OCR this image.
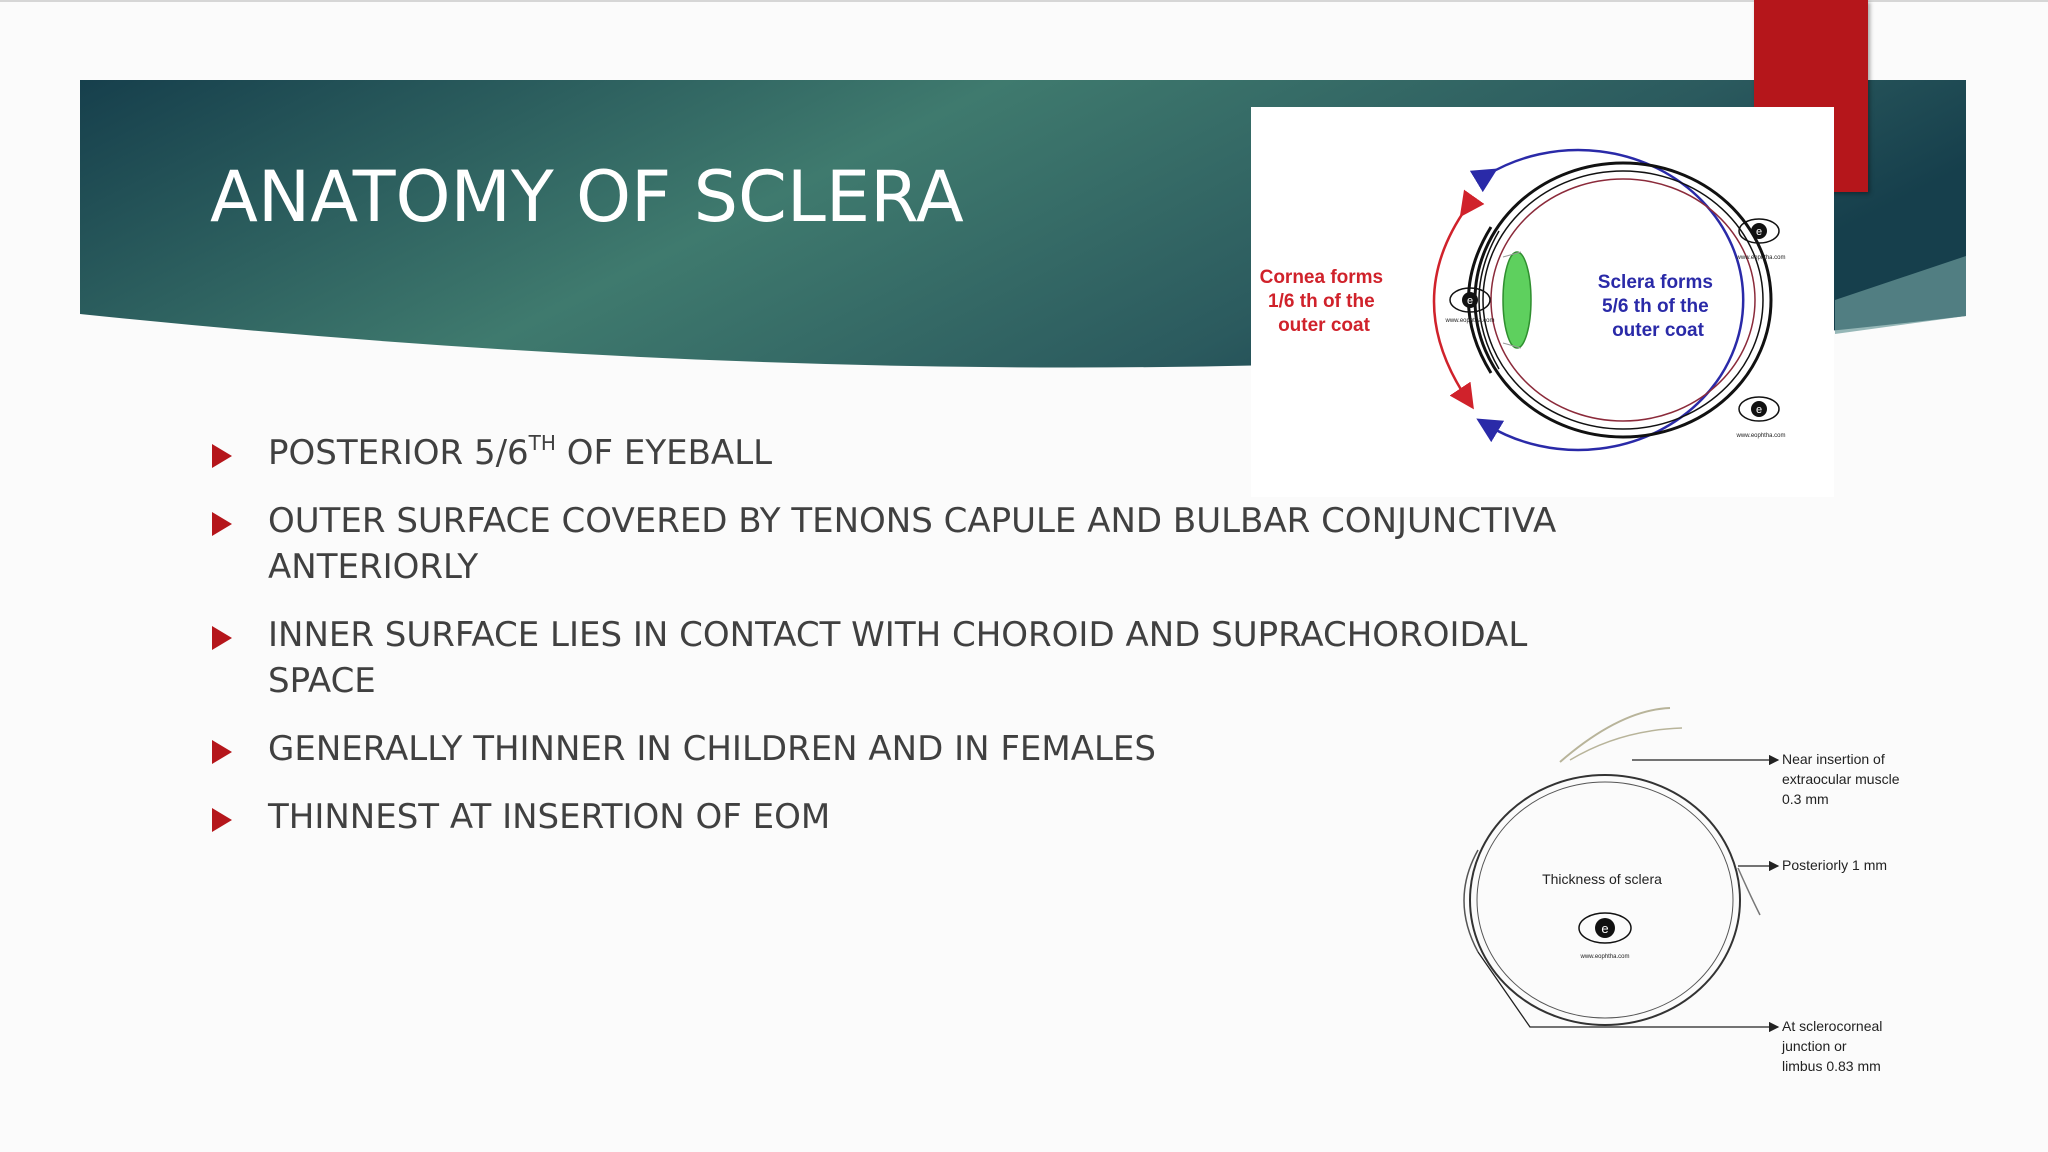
ANATOMY OF SCLERA
POSTERIOR 5/6TH OF EYEBALL
OUTER SURFACE COVERED BY TENONS CAPULE AND BULBAR CONJUNCTIVA ANTERIORLY
INNER SURFACE LIES IN CONTACT WITH CHOROID AND SUPRACHOROIDAL SPACE
GENERALLY THINNER IN CHILDREN AND IN FEMALES
THINNEST AT INSERTION OF EOM
e
www.eophtha.com
e
www.eophtha.com
e
www.eophtha.com
Cornea forms 1/6 th of the outer coat
Sclera forms 5/6 th of the outer coat
Near insertion of extraocular muscle 0.3 mm
Posteriorly 1 mm
At sclerocorneal junction or limbus 0.83 mm
Thickness of sclera
e
www.eophtha.com
